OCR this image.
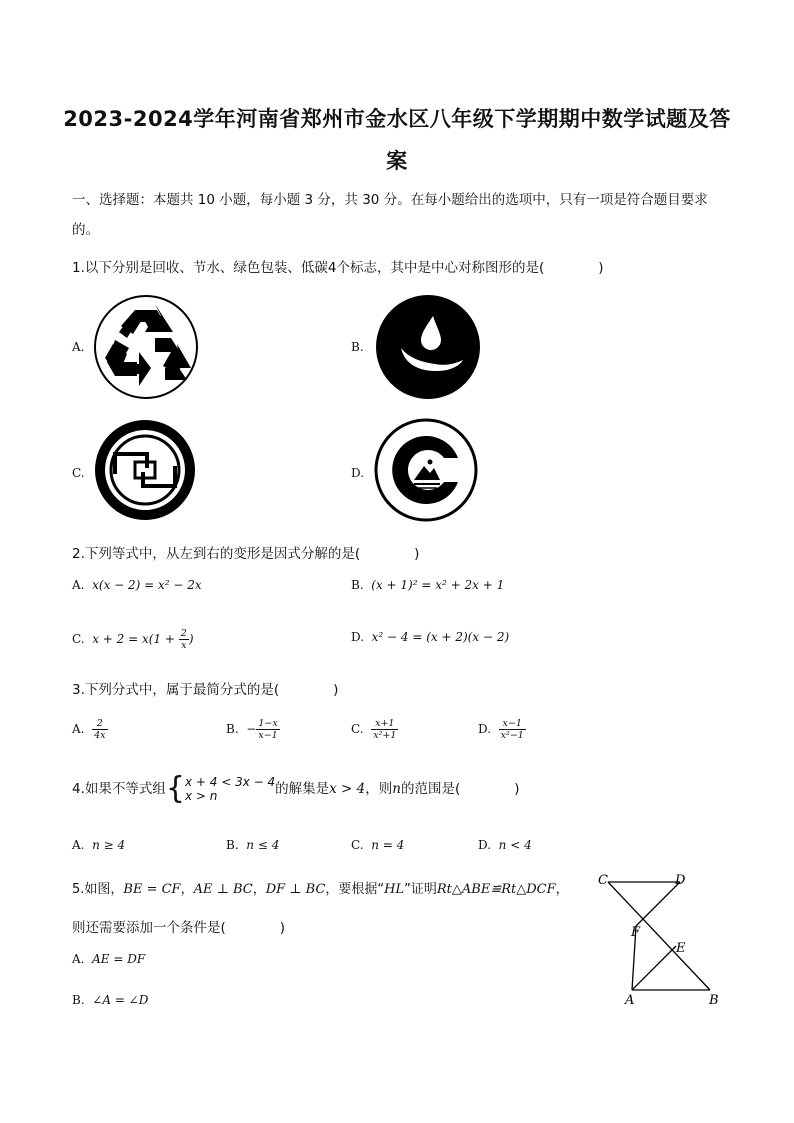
2023-2024学年河南省郑州市金水区八年级下学期期中数学试题及答
案
一、选择题：本题共 10 小题，每小题 3 分，共 30 分。在每小题给出的选项中，只有一项是符合题目要求
的。
1.以下分别是回收、节水、绿色包装、低碳4个标志，其中是中心对称图形的是(　　　　)
A.	B.
C.	D.
2.下列等式中，从左到右的变形是因式分解的是(　　　　)
A. x(x − 2) = x² − 2x	B. (x + 1)² = x² + 2x + 1
C. $x + 2 = x(1 + \frac{2}{x}$ )	D. x² − 4 = (x + 2)(x − 2)
3.下列分式中，属于最简分式的是(　　　　)
A. $\frac{2}{4x}$	B. − $\frac{1-x}{x-1}$	C. $\frac{x+1}{\text{x²+1}}$	D. $\frac{x-1}{\text{x²−1}}$
4.如果不等式组{ x + 4 < 3x − 4
x > n	的解集是x > 4，则n的范围是(　　　　)
A. n ≥ 4	B. n ≤ 4	C. n = 4	D. n < 4
5.如图，BE = CF，AE ⊥ BC，DF ⊥ BC，要根据“HL”证明Rt△ABE≌Rt△DCF，
则还需要添加一个条件是(　　　　)
A. AE = DF
B. ∠A = ∠D
C	D
F
E
A	B
